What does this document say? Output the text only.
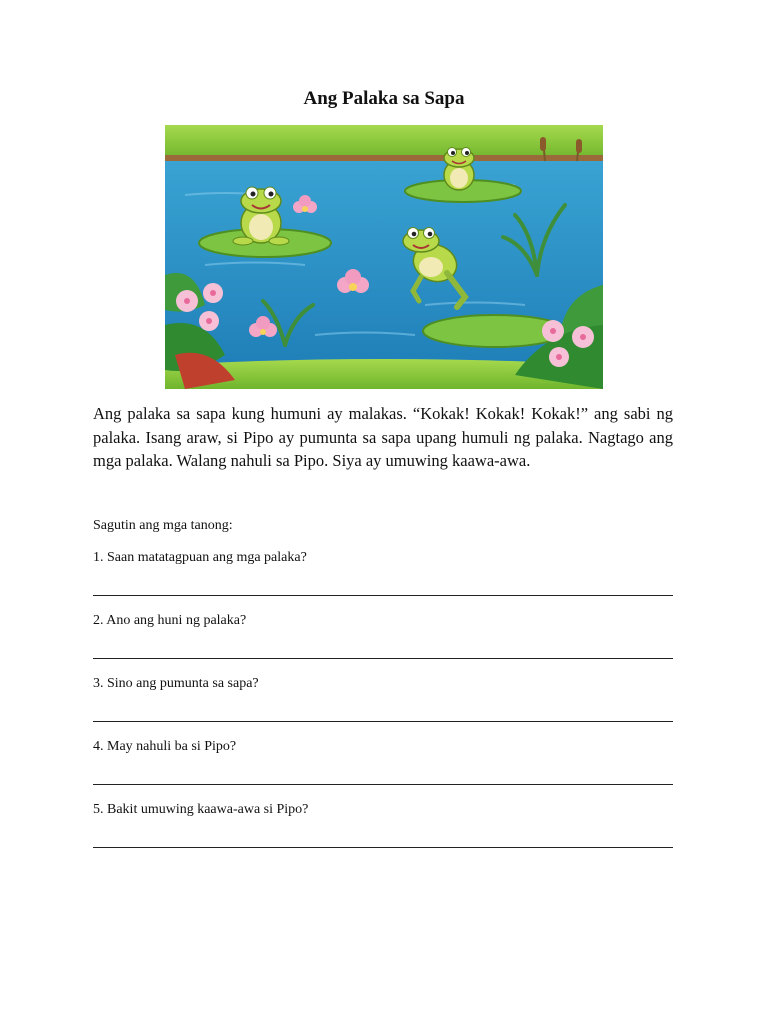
Ang Palaka sa Sapa

Ang palaka sa sapa kung humuni ay malakas. “Kokak! Kokak! Kokak!” ang sabi ng palaka. Isang araw, si Pipo ay pumunta sa sapa upang humuli ng palaka. Nagtago ang mga palaka. Walang nahuli sa Pipo. Siya ay umuwing kaawa-awa.

Sagutin ang mga tanong:
1. Saan matatagpuan ang mga palaka?
2. Ano ang huni ng palaka?
3. Sino ang pumunta sa sapa?
4. May nahuli ba si Pipo?
5. Bakit umuwing kaawa-awa si Pipo?
